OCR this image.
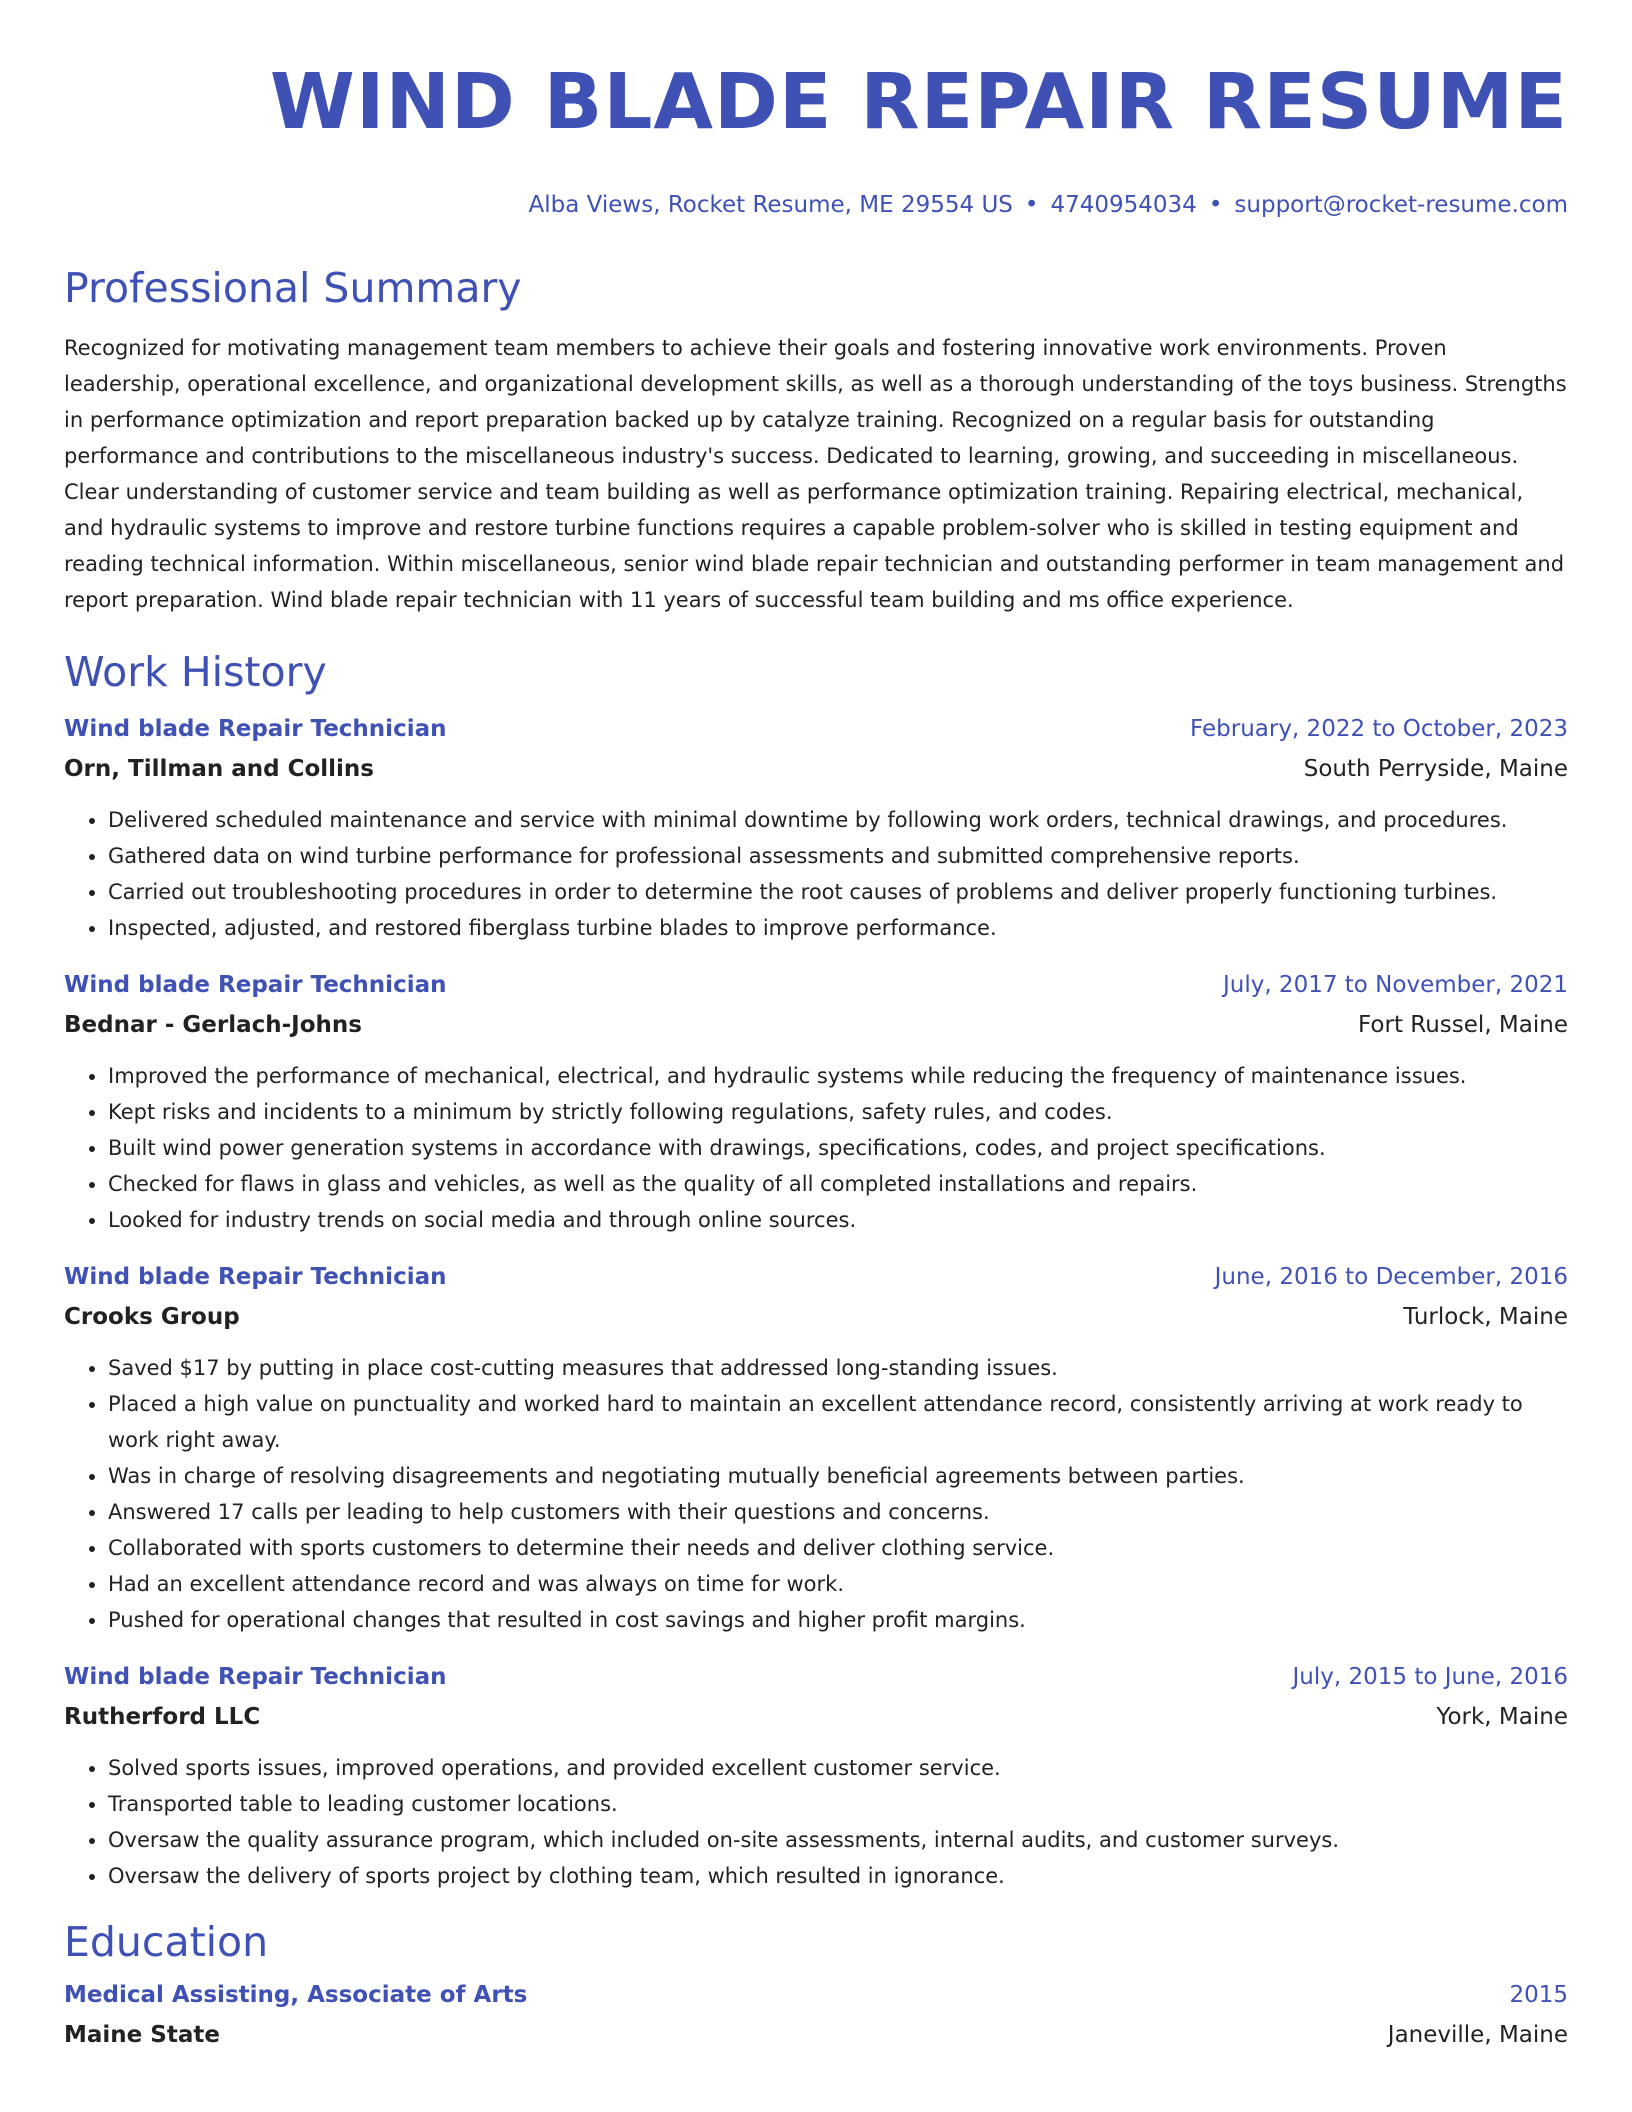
WIND BLADE REPAIR RESUME
Alba Views, Rocket Resume, ME 29554 US • 4740954034 • support@rocket-resume.com
Professional Summary
Recognized for motivating management team members to achieve their goals and fostering innovative work environments. Proven leadership, operational excellence, and organizational development skills, as well as a thorough understanding of the toys business. Strengths in performance optimization and report preparation backed up by catalyze training. Recognized on a regular basis for outstanding performance and contributions to the miscellaneous industry's success. Dedicated to learning, growing, and succeeding in miscellaneous. Clear understanding of customer service and team building as well as performance optimization training. Repairing electrical, mechanical, and hydraulic systems to improve and restore turbine functions requires a capable problem-solver who is skilled in testing equipment and reading technical information. Within miscellaneous, senior wind blade repair technician and outstanding performer in team management and report preparation. Wind blade repair technician with 11 years of successful team building and ms office experience.
Work History
Wind blade Repair Technician	February, 2022 to October, 2023
Orn, Tillman and Collins	South Perryside, Maine
• Delivered scheduled maintenance and service with minimal downtime by following work orders, technical drawings, and procedures.
• Gathered data on wind turbine performance for professional assessments and submitted comprehensive reports.
• Carried out troubleshooting procedures in order to determine the root causes of problems and deliver properly functioning turbines.
• Inspected, adjusted, and restored fiberglass turbine blades to improve performance.
Wind blade Repair Technician	July, 2017 to November, 2021
Bednar - Gerlach-Johns	Fort Russel, Maine
• Improved the performance of mechanical, electrical, and hydraulic systems while reducing the frequency of maintenance issues.
• Kept risks and incidents to a minimum by strictly following regulations, safety rules, and codes.
• Built wind power generation systems in accordance with drawings, specifications, codes, and project specifications.
• Checked for flaws in glass and vehicles, as well as the quality of all completed installations and repairs.
• Looked for industry trends on social media and through online sources.
Wind blade Repair Technician	June, 2016 to December, 2016
Crooks Group	Turlock, Maine
• Saved $17 by putting in place cost-cutting measures that addressed long-standing issues.
• Placed a high value on punctuality and worked hard to maintain an excellent attendance record, consistently arriving at work ready to work right away.
• Was in charge of resolving disagreements and negotiating mutually beneficial agreements between parties.
• Answered 17 calls per leading to help customers with their questions and concerns.
• Collaborated with sports customers to determine their needs and deliver clothing service.
• Had an excellent attendance record and was always on time for work.
• Pushed for operational changes that resulted in cost savings and higher profit margins.
Wind blade Repair Technician	July, 2015 to June, 2016
Rutherford LLC	York, Maine
• Solved sports issues, improved operations, and provided excellent customer service.
• Transported table to leading customer locations.
• Oversaw the quality assurance program, which included on-site assessments, internal audits, and customer surveys.
• Oversaw the delivery of sports project by clothing team, which resulted in ignorance.
Education
Medical Assisting, Associate of Arts	2015
Maine State	Janeville, Maine
